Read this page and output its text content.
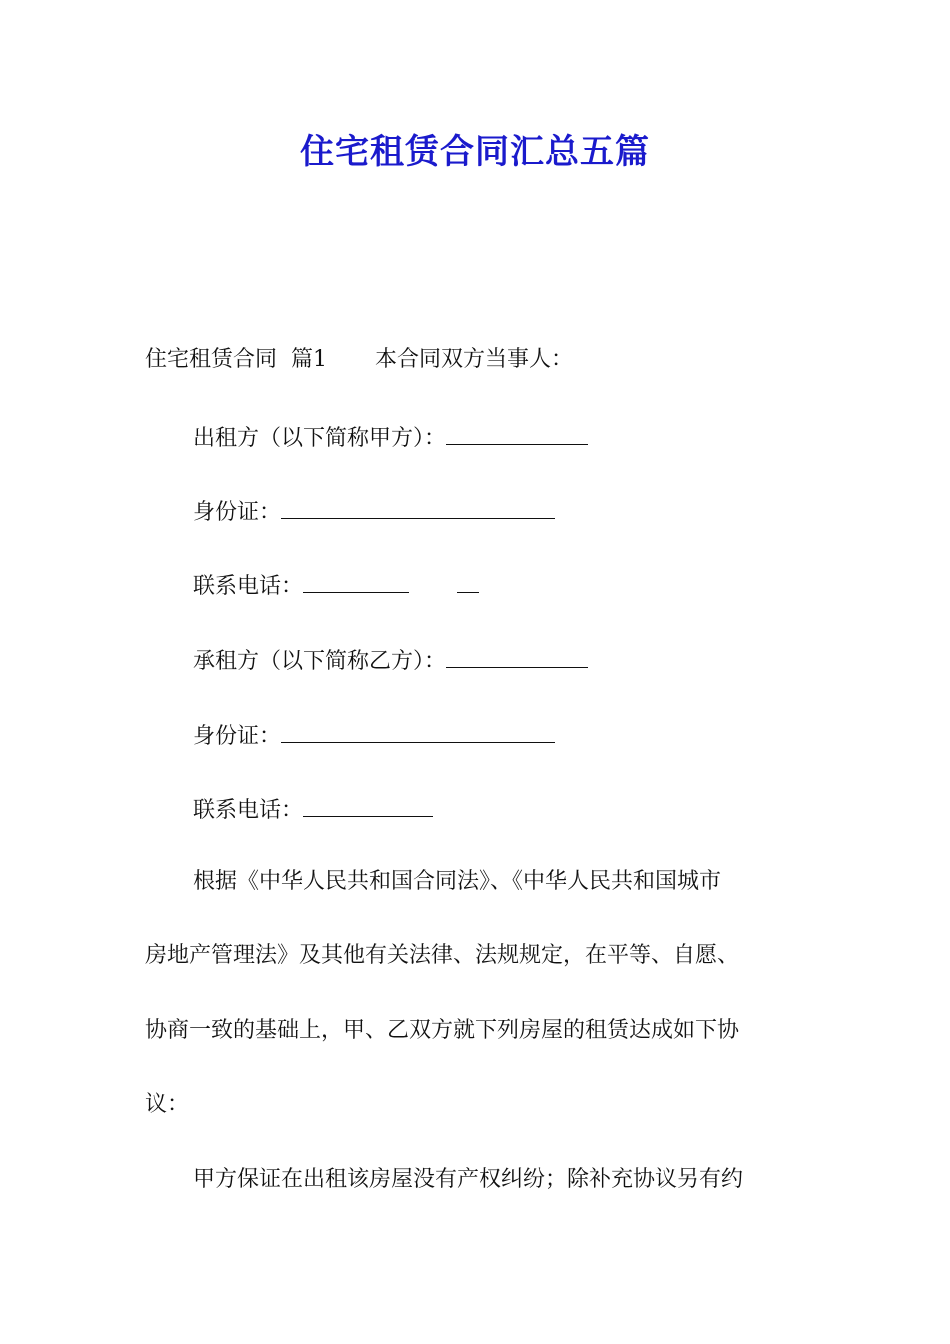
住宅租赁合同汇总五篇

住宅租赁合同  篇1 本合同双方当事人：

出租方（以下简称甲方）：

身份证：

联系电话：

承租方（以下简称乙方）：

身份证：

联系电话：

根据《中华人民共和国合同法》、《中华人民共和国城市

房地产管理法》及其他有关法律、法规规定，在平等、自愿、

协商一致的基础上，甲、乙双方就下列房屋的租赁达成如下协

议：

甲方保证在出租该房屋没有产权纠纷；除补充协议另有约
